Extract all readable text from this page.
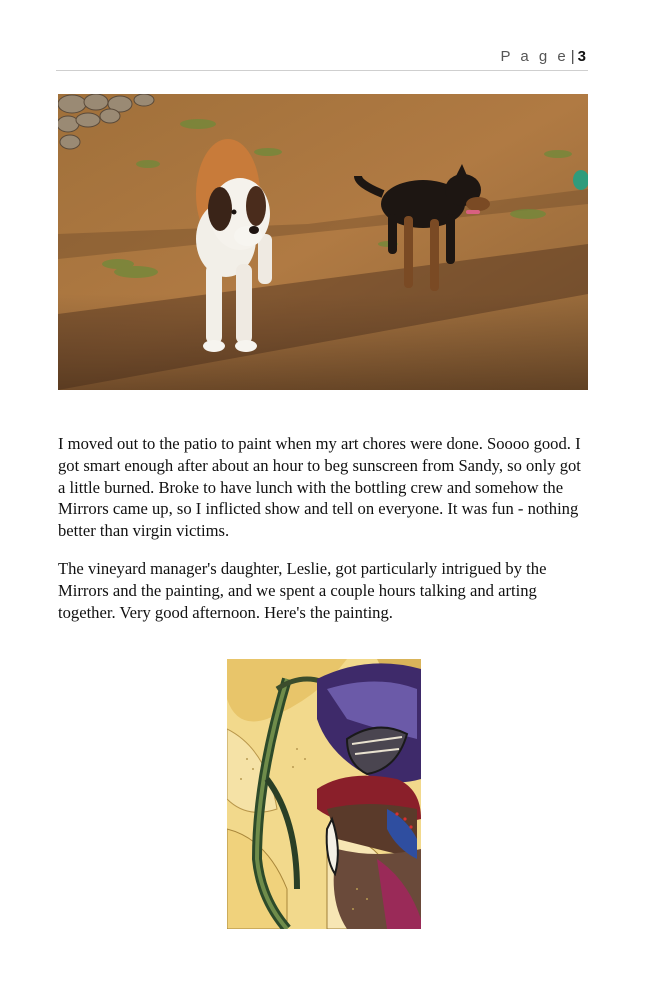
P a g e | 3

I moved out to the patio to paint when my art chores were done. Soooo good. I got smart enough after about an hour to beg sunscreen from Sandy, so only got a little burned. Broke to have lunch with the bottling crew and somehow the Mirrors came up, so I inflicted show and tell on everyone. It was fun - nothing better than virgin victims.

The vineyard manager's daughter, Leslie, got particularly intrigued by the Mirrors and the painting, and we spent a couple hours talking and arting together. Very good afternoon. Here's the painting.
